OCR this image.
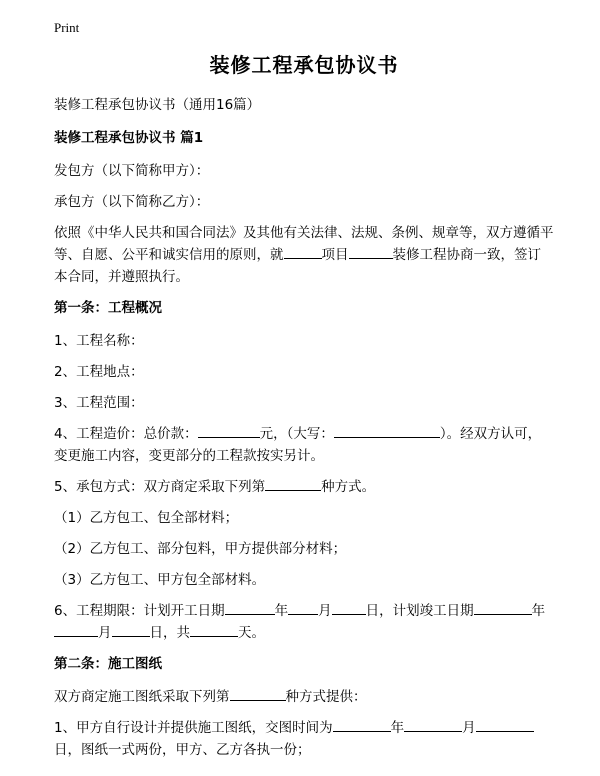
Print
装修工程承包协议书

装修工程承包协议书（通用16篇）

装修工程承包协议书 篇1

发包方（以下简称甲方）：

承包方（以下简称乙方）：

依照《中华人民共和国合同法》及其他有关法律、法规、条例、规章等，双方遵循平等、自愿、公平和诚实信用的原则，就	项目	装修工程协商一致，签订本合同，并遵照执行。

第一条：工程概况

1、工程名称：

2、工程地点：

3、工程范围：

4、工程造价：总价款：	元，（大写：	）。经双方认可，变更施工内容，变更部分的工程款按实另计。

5、承包方式：双方商定采取下列第	种方式。

（1）乙方包工、包全部材料；

（2）乙方包工、部分包料，甲方提供部分材料；

（3）乙方包工、甲方包全部材料。

6、工程期限：计划开工日期	年 月	日，计划竣工日期	年月	日，共	天。

第二条：施工图纸

双方商定施工图纸采取下列第	种方式提供：

1、甲方自行设计并提供施工图纸，交图时间为	年	月日，图纸一式两份，甲方、乙方各执一份；
